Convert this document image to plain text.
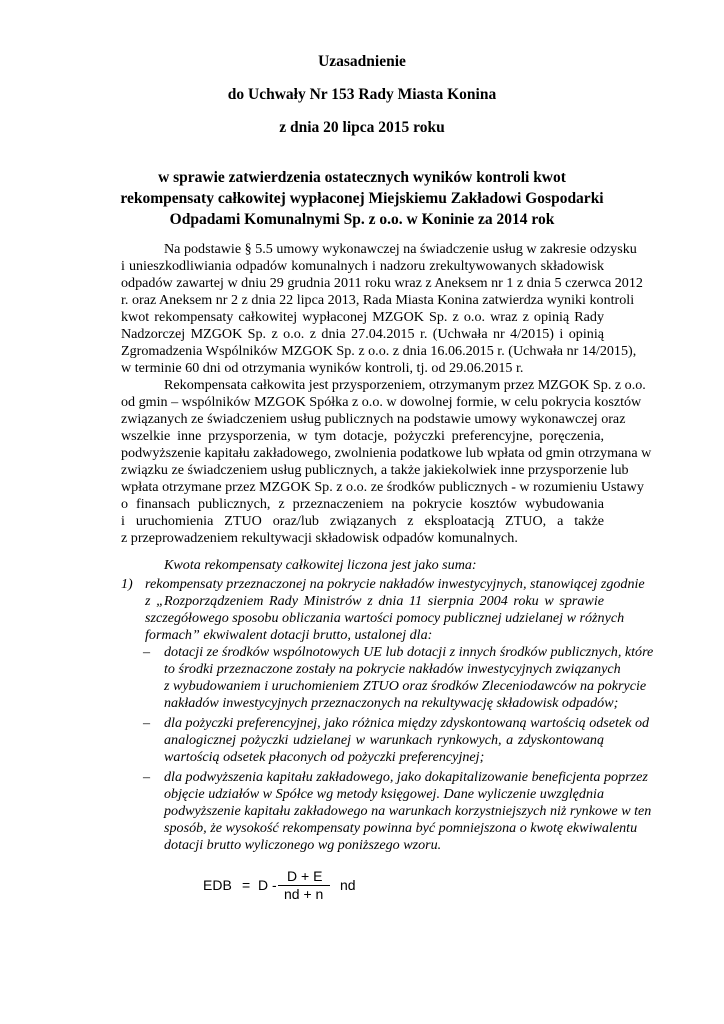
Uzasadnienie
do Uchwały Nr 153 Rady Miasta Konina
z dnia 20 lipca 2015 roku
w sprawie zatwierdzenia ostatecznych wyników kontroli kwot
rekompensaty całkowitej wypłaconej Miejskiemu Zakładowi Gospodarki
Odpadami Komunalnymi Sp. z o.o. w Koninie za 2014 rok
Na podstawie § 5.5 umowy wykonawczej na świadczenie usług w zakresie odzysku
i unieszkodliwiania odpadów komunalnych i nadzoru zrekultywowanych składowisk
odpadów zawartej w dniu 29 grudnia 2011 roku wraz z Aneksem nr 1 z dnia 5 czerwca 2012
r. oraz Aneksem nr 2 z dnia 22 lipca 2013, Rada Miasta Konina zatwierdza wyniki kontroli
kwot rekompensaty całkowitej wypłaconej MZGOK Sp. z o.o. wraz z opinią Rady
Nadzorczej MZGOK Sp. z o.o. z dnia 27.04.2015 r. (Uchwała nr 4/2015) i opinią
Zgromadzenia Wspólników MZGOK Sp. z o.o. z dnia 16.06.2015 r. (Uchwała nr 14/2015),
w terminie 60 dni od otrzymania wyników kontroli, tj. od 29.06.2015 r.
Rekompensata całkowita jest przysporzeniem, otrzymanym przez MZGOK Sp. z o.o.
od gmin – wspólników MZGOK Spółka z o.o. w dowolnej formie, w celu pokrycia kosztów
związanych ze świadczeniem usług publicznych na podstawie umowy wykonawczej oraz
wszelkie inne przysporzenia, w tym dotacje, pożyczki preferencyjne, poręczenia,
podwyższenie kapitału zakładowego, zwolnienia podatkowe lub wpłata od gmin otrzymana w
związku ze świadczeniem usług publicznych, a także jakiekolwiek inne przysporzenie lub
wpłata otrzymane przez MZGOK Sp. z o.o. ze środków publicznych - w rozumieniu Ustawy
o finansach publicznych, z przeznaczeniem na pokrycie kosztów wybudowania
i uruchomienia ZTUO oraz/lub związanych z eksploatacją ZTUO, a także
z przeprowadzeniem rekultywacji składowisk odpadów komunalnych.
Kwota rekompensaty całkowitej liczona jest jako suma:
1) rekompensaty przeznaczonej na pokrycie nakładów inwestycyjnych, stanowiącej zgodnie
z „Rozporządzeniem Rady Ministrów z dnia 11 sierpnia 2004 roku w sprawie
szczegółowego sposobu obliczania wartości pomocy publicznej udzielanej w różnych
formach” ekwiwalent dotacji brutto, ustalonej dla:
– dotacji ze środków wspólnotowych UE lub dotacji z innych środków publicznych, które
to środki przeznaczone zostały na pokrycie nakładów inwestycyjnych związanych
z wybudowaniem i uruchomieniem ZTUO oraz środków Zleceniodawców na pokrycie
nakładów inwestycyjnych przeznaczonych na rekultywację składowisk odpadów;
– dla pożyczki preferencyjnej, jako różnica między zdyskontowaną wartością odsetek od
analogicznej pożyczki udzielanej w warunkach rynkowych, a zdyskontowaną
wartością odsetek płaconych od pożyczki preferencyjnej;
– dla podwyższenia kapitału zakładowego, jako dokapitalizowanie beneficjenta poprzez
objęcie udziałów w Spółce wg metody księgowej. Dane wyliczenie uwzględnia
podwyższenie kapitału zakładowego na warunkach korzystniejszych niż rynkowe w ten
sposób, że wysokość rekompensaty powinna być pomniejszona o kwotę ekwiwalentu
dotacji brutto wyliczonego wg poniższego wzoru.
EDB = D -
D + E
nd + n
nd
